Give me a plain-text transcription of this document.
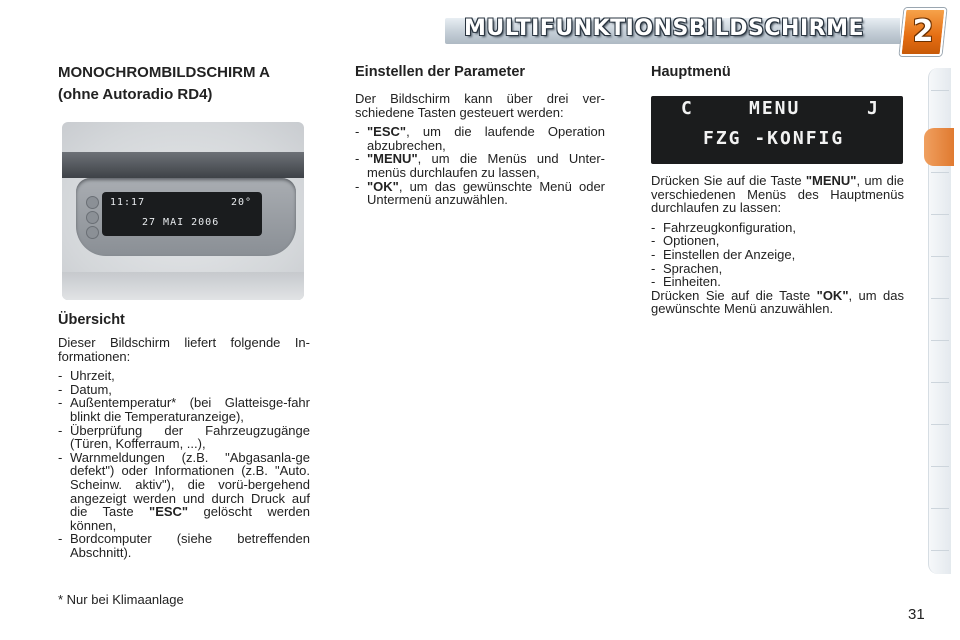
MULTIFUNKTIONSBILDSCHIRME 2
MONOCHROMBILDSCHIRM A
(ohne Autoradio RD4)
11:17	20°
27 MAI 2006
Übersicht

Dieser Bildschirm liefert folgende In-formationen:

- Uhrzeit,
- Datum,
- Außentemperatur* (bei Glatteisge-fahr blinkt die Temperaturanzeige),
- Überprüfung der Fahrzeugzugänge (Türen, Kofferraum, ...),
- Warnmeldungen (z.B. "Abgasanla-ge defekt") oder Informationen (z.B. "Auto. Scheinw. aktiv"), die vorü-bergehend angezeigt werden und durch Druck auf die Taste "ESC" gelöscht werden können,
- Bordcomputer (siehe betreffenden Abschnitt).
Einstellen der Parameter

Der Bildschirm kann über drei ver-schiedene Tasten gesteuert werden:

- "ESC", um die laufende Operation abzubrechen,
- "MENU", um die Menüs und Unter-menüs durchlaufen zu lassen,
- "OK", um das gewünschte Menü oder Untermenü anzuwählen.
Hauptmenü
C	MENU	J
FZG -KONFIG

Drücken Sie auf die Taste "MENU", um die verschiedenen Menüs des Hauptmenüs durchlaufen zu lassen:

- Fahrzeugkonfiguration,
- Optionen,
- Einstellen der Anzeige,
- Sprachen,
- Einheiten.

Drücken Sie auf die Taste "OK", um das gewünschte Menü anzuwählen.

* Nur bei Klimaanlage
31
